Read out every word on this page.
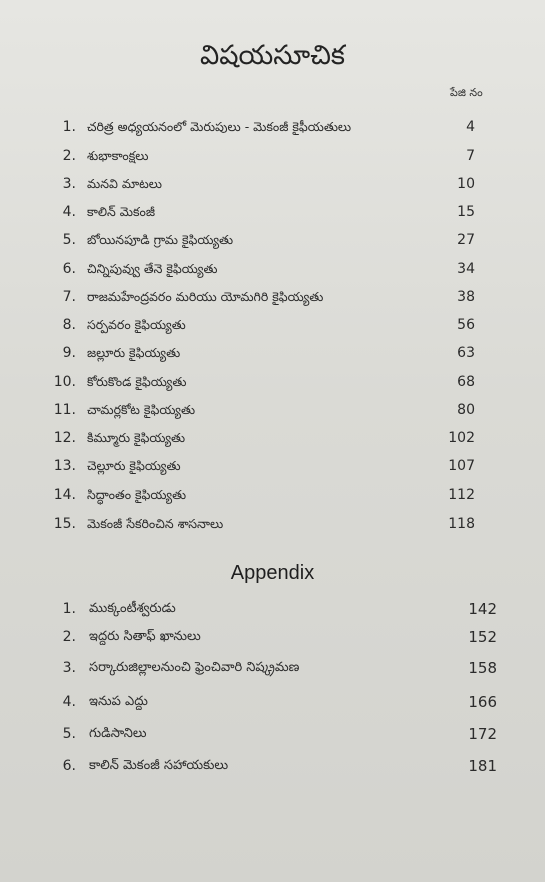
విషయసూచిక
పేజి నం
1. చరిత్ర అధ్యయనంలో మెరుపులు - మెకంజీ కైఫీయతులు	4
2. శుభాకాంక్షలు	7
3. మనవి మాటలు	10
4. కాలిన్ మెకంజీ	15
5. బోయినపూడి గ్రామ కైఫియ్యతు	27
6. చిన్నిపువ్వు తేనె కైఫియ్యతు	34
7. రాజమహేంద్రవరం మరియు యోమగిరి కైఫియ్యతు	38
8. సర్పవరం కైఫియ్యతు	56
9. జల్లూరు కైఫియ్యతు	63
10. కోరుకొండ కైఫియ్యతు	68
11. చామర్లకోట కైఫియ్యతు	80
12. కిమ్మూరు కైఫియ్యతు	102
13. చెల్లూరు కైఫియ్యతు	107
14. సిద్ధాంతం కైఫియ్యతు	112
15. మెకంజీ సేకరించిన శాసనాలు	118
Appendix
1. ముక్కంటీశ్వరుడు	142
2. ఇద్దరు సితాఫ్ ఖానులు	152
3. సర్కారుజిల్లాలనుంచి ఫ్రెంచివారి నిష్క్రమణ	158
4. ఇనుప ఎద్దు	166
5. గుడిసానిలు	172
6. కాలిన్ మెకంజీ సహాయకులు	181
